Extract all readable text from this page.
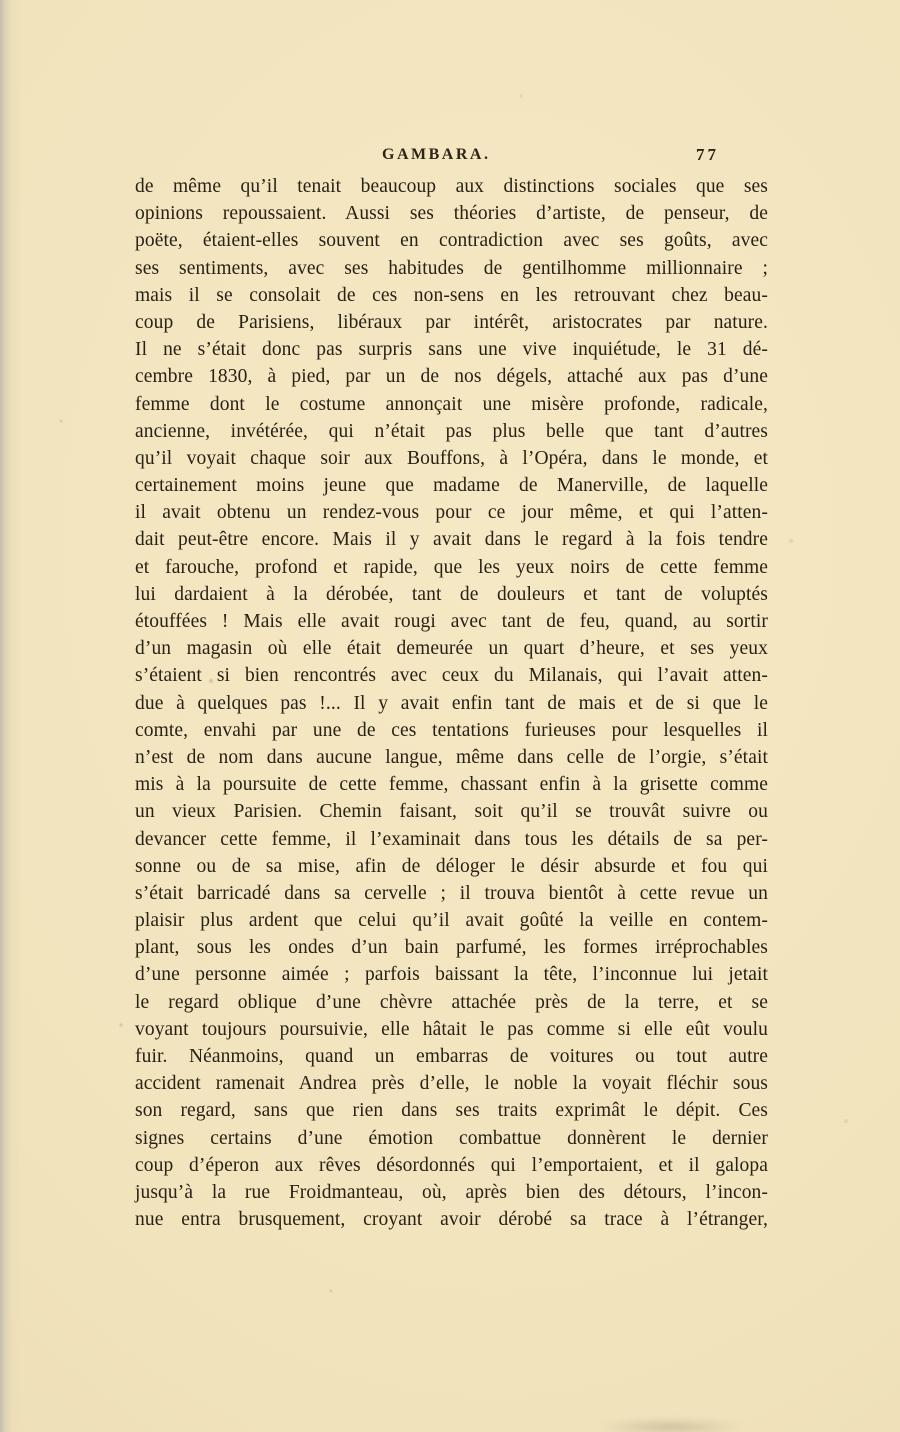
GAMBARA.	77
de même qu’il tenait beaucoup aux distinctions sociales que ses
opinions repoussaient. Aussi ses théories d’artiste, de penseur, de
poëte, étaient-elles souvent en contradiction avec ses goûts, avec
ses sentiments, avec ses habitudes de gentilhomme millionnaire ;
mais il se consolait de ces non-sens en les retrouvant chez beau-
coup de Parisiens, libéraux par intérêt, aristocrates par nature.
Il ne s’était donc pas surpris sans une vive inquiétude, le 31 dé-
cembre 1830, à pied, par un de nos dégels, attaché aux pas d’une
femme dont le costume annonçait une misère profonde, radicale,
ancienne, invétérée, qui n’était pas plus belle que tant d’autres
qu’il voyait chaque soir aux Bouffons, à l’Opéra, dans le monde, et
certainement moins jeune que madame de Manerville, de laquelle
il avait obtenu un rendez-vous pour ce jour même, et qui l’atten-
dait peut-être encore. Mais il y avait dans le regard à la fois tendre
et farouche, profond et rapide, que les yeux noirs de cette femme
lui dardaient à la dérobée, tant de douleurs et tant de voluptés
étouffées ! Mais elle avait rougi avec tant de feu, quand, au sortir
d’un magasin où elle était demeurée un quart d’heure, et ses yeux
s’étaient si bien rencontrés avec ceux du Milanais, qui l’avait atten-
due à quelques pas !... Il y avait enfin tant de mais et de si que le
comte, envahi par une de ces tentations furieuses pour lesquelles il
n’est de nom dans aucune langue, même dans celle de l’orgie, s’était
mis à la poursuite de cette femme, chassant enfin à la grisette comme
un vieux Parisien. Chemin faisant, soit qu’il se trouvât suivre ou
devancer cette femme, il l’examinait dans tous les détails de sa per-
sonne ou de sa mise, afin de déloger le désir absurde et fou qui
s’était barricadé dans sa cervelle ; il trouva bientôt à cette revue un
plaisir plus ardent que celui qu’il avait goûté la veille en contem-
plant, sous les ondes d’un bain parfumé, les formes irréprochables
d’une personne aimée ; parfois baissant la tête, l’inconnue lui jetait
le regard oblique d’une chèvre attachée près de la terre, et se
voyant toujours poursuivie, elle hâtait le pas comme si elle eût voulu
fuir. Néanmoins, quand un embarras de voitures ou tout autre
accident ramenait Andrea près d’elle, le noble la voyait fléchir sous
son regard, sans que rien dans ses traits exprimât le dépit. Ces
signes certains d’une émotion combattue donnèrent le dernier
coup d’éperon aux rêves désordonnés qui l’emportaient, et il galopa
jusqu’à la rue Froidmanteau, où, après bien des détours, l’incon-
nue entra brusquement, croyant avoir dérobé sa trace à l’étranger,
